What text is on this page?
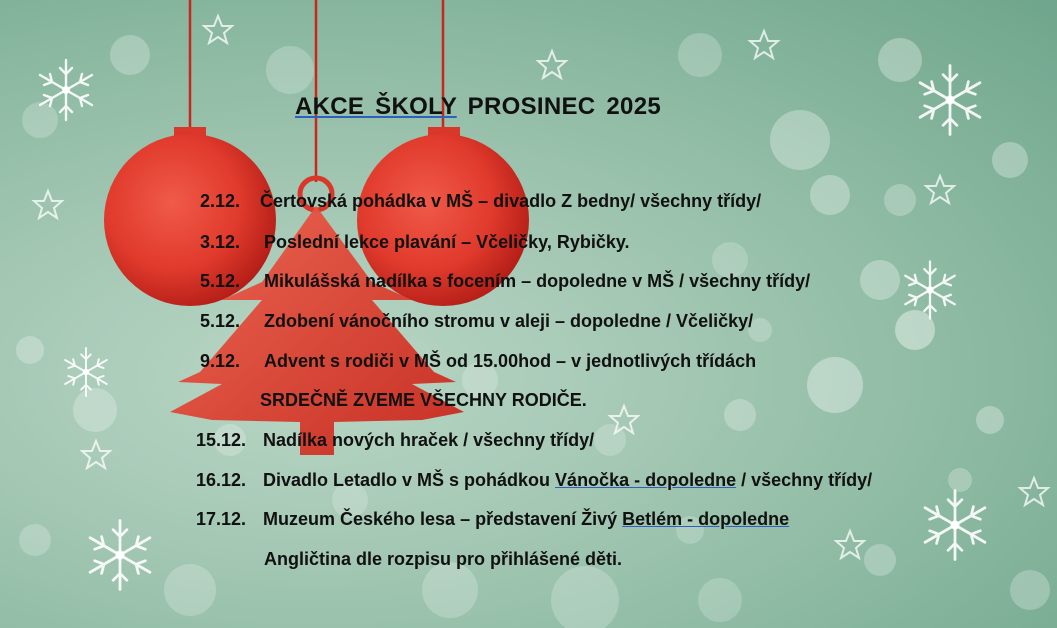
AKCE ŠKOLY PROSINEC 2025
2.12. Čertovská pohádka v MŠ – divadlo Z bedny/ všechny třídy/
3.12. Poslední lekce plavání – Včeličky, Rybičky.
5.12. Mikulášská nadílka s focením – dopoledne v MŠ / všechny třídy/
5.12. Zdobení vánočního stromu v aleji – dopoledne / Včeličky/
9.12. Advent s rodiči v MŠ od 15.00hod – v jednotlivých třídách
SRDEČNĚ ZVEME VŠECHNY RODIČE.
15.12. Nadílka nových hraček / všechny třídy/
16.12. Divadlo Letadlo v MŠ s pohádkou Vánočka - dopoledne / všechny třídy/
17.12. Muzeum Českého lesa – představení Živý Betlém - dopoledne
Angličtina dle rozpisu pro přihlášené děti.
